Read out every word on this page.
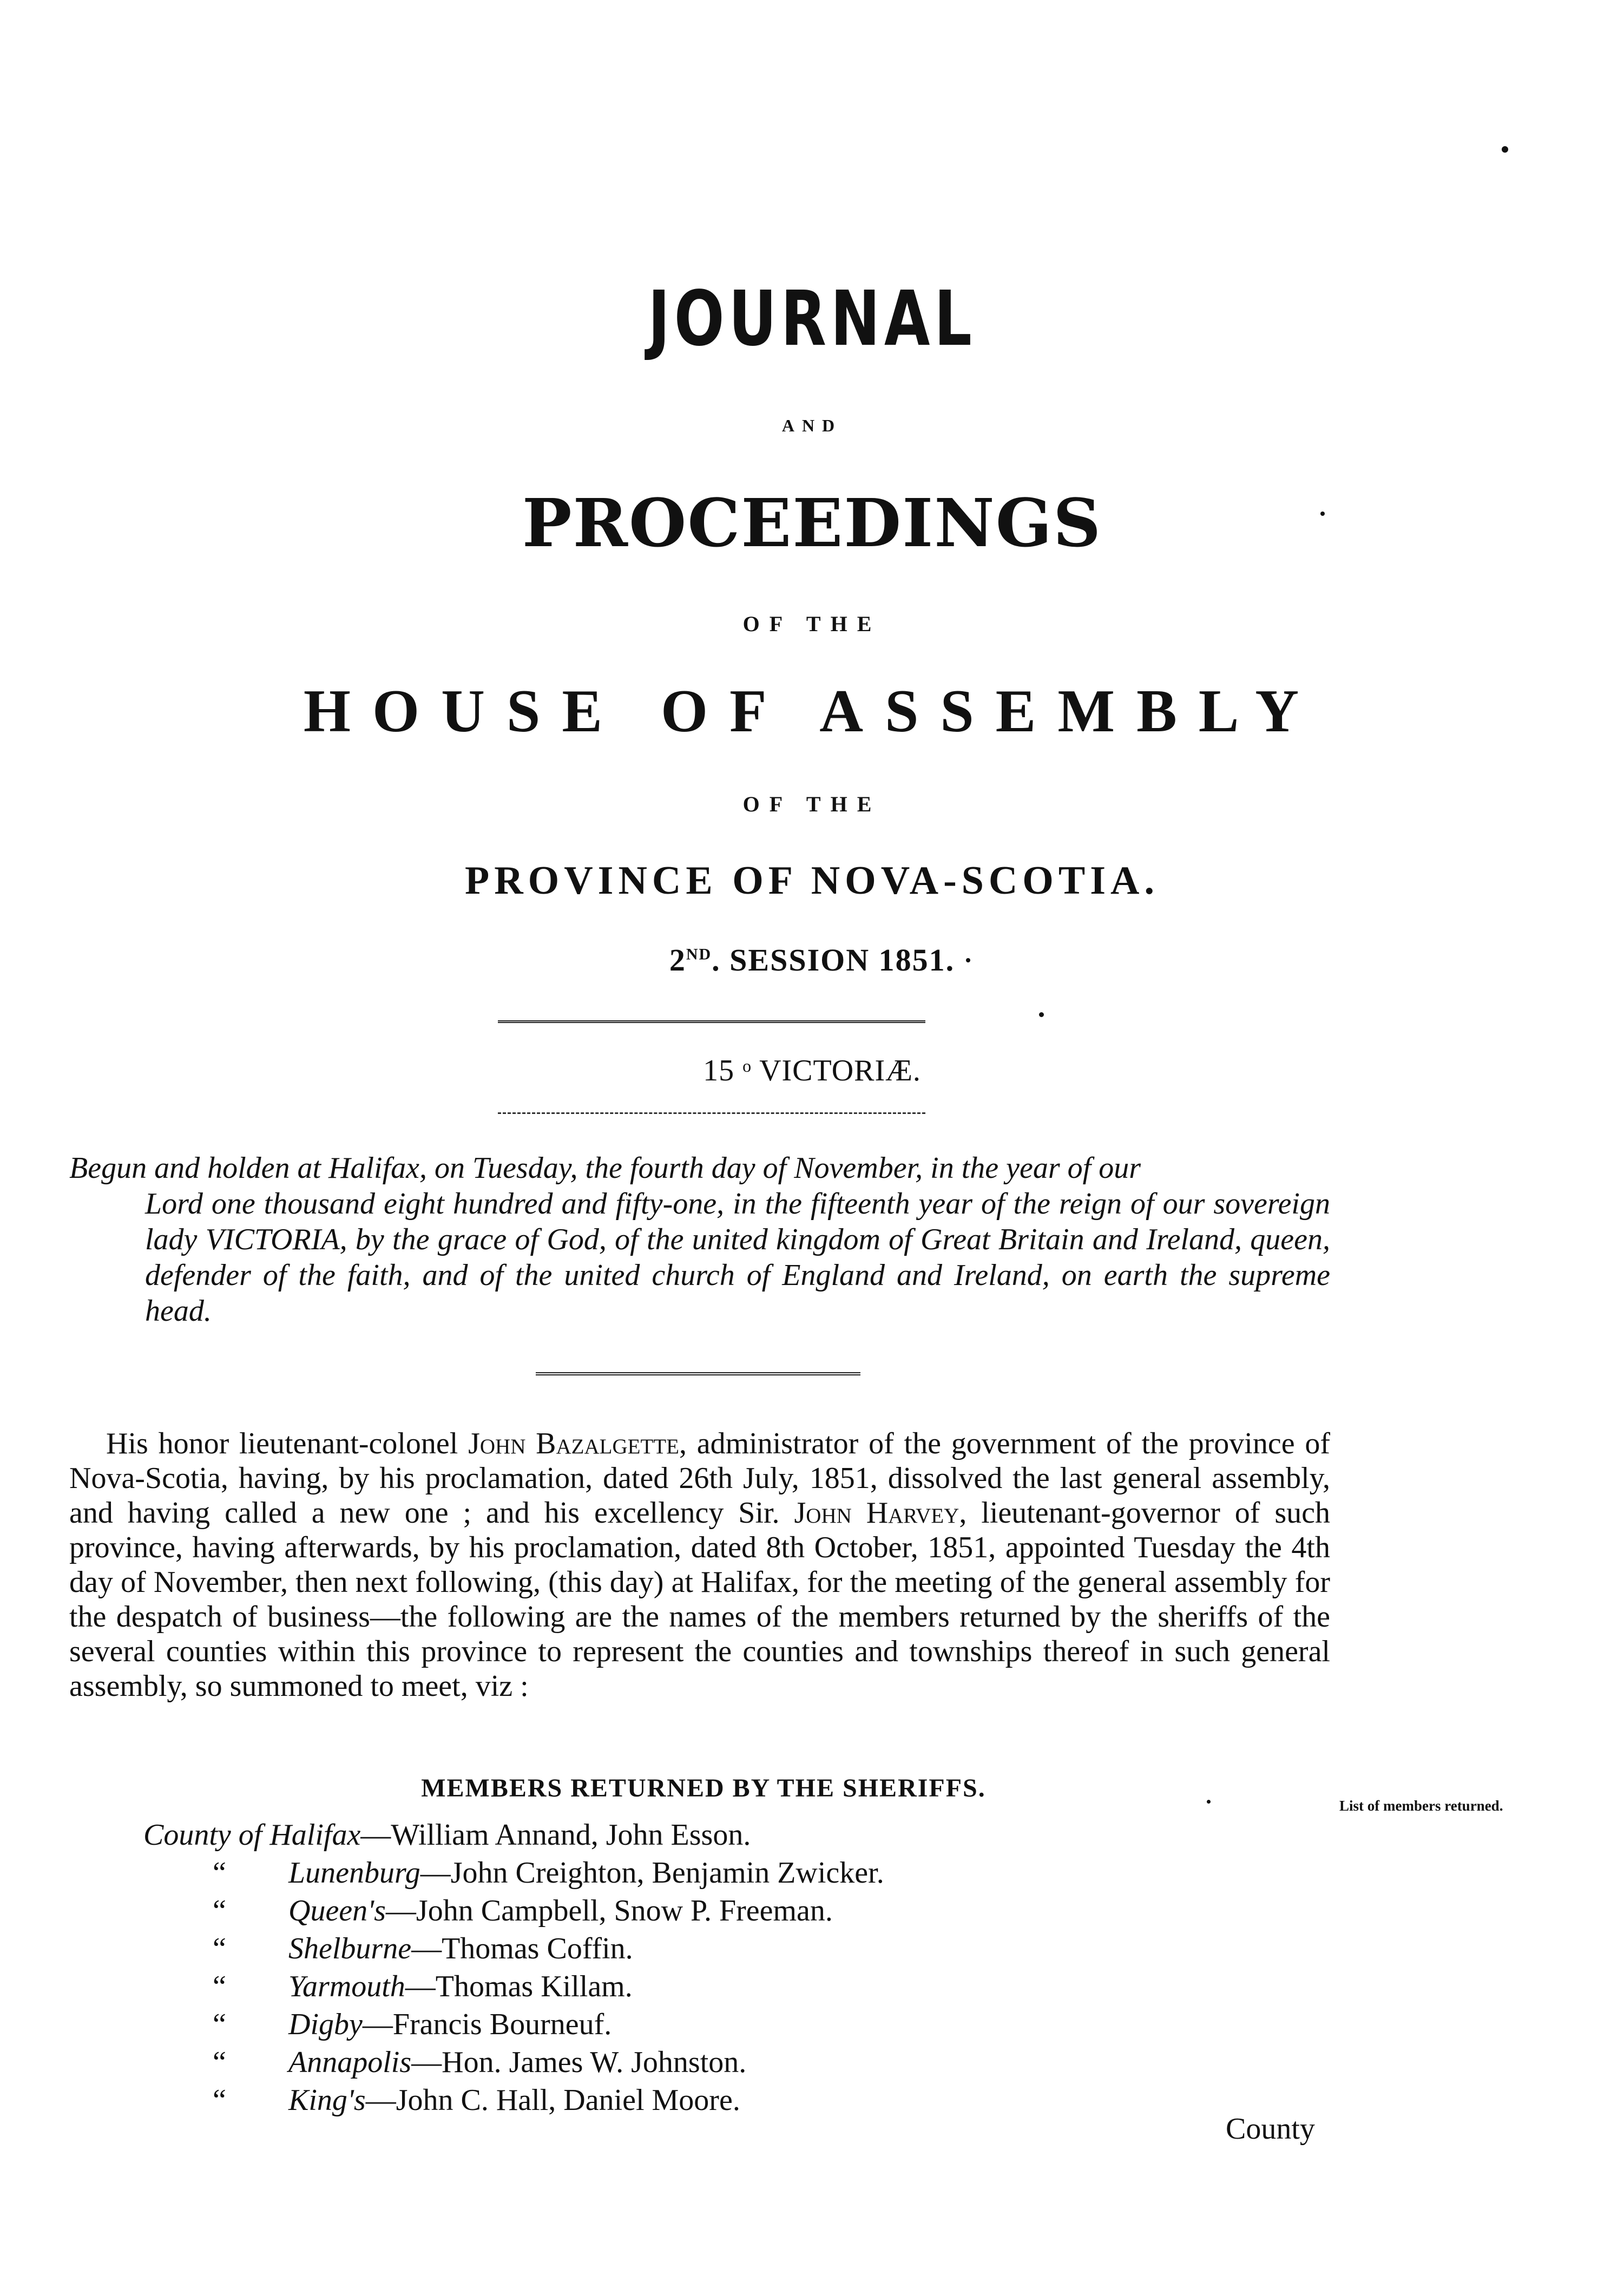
JOURNAL
AND
PROCEEDINGS
OF THE
HOUSE OF ASSEMBLY
OF THE
PROVINCE OF NOVA-SCOTIA.
2ND. SESSION 1851.
15 $^o$ VICTORIÆ.
Begun and holden at Halifax, on Tuesday, the fourth day of November, in the year of our
Lord one thousand eight hundred and fifty-one, in the fifteenth year of the reign of our sovereign lady VICTORIA, by the grace of God, of the united kingdom of Great Britain and Ireland, queen, defender of the faith, and of the united church of England and Ireland, on earth the supreme head.
His honor lieutenant-colonel John Bazalgette, administrator of the government of the province of Nova-Scotia, having, by his proclamation, dated 26th July, 1851, dissolved the last general assembly, and having called a new one ; and his excellency Sir. John Harvey, lieutenant-governor of such province, having afterwards, by his proclamation, dated 8th October, 1851, appointed Tuesday the 4th day of November, then next following, (this day) at Halifax, for the meeting of the general assembly for the despatch of business—the following are the names of the members returned by the sheriffs of the several counties within this province to represent the counties and townships thereof in such general assembly, so summoned to meet, viz :
MEMBERS RETURNED BY THE SHERIFFS.
List of members returned.
County of Halifax—William Annand, John Esson.
“ Lunenburg—John Creighton, Benjamin Zwicker.
“ Queen's—John Campbell, Snow P. Freeman.
“ Shelburne—Thomas Coffin.
“ Yarmouth—Thomas Killam.
“ Digby—Francis Bourneuf.
“ Annapolis—Hon. James W. Johnston.
“ King's—John C. Hall, Daniel Moore.
County
